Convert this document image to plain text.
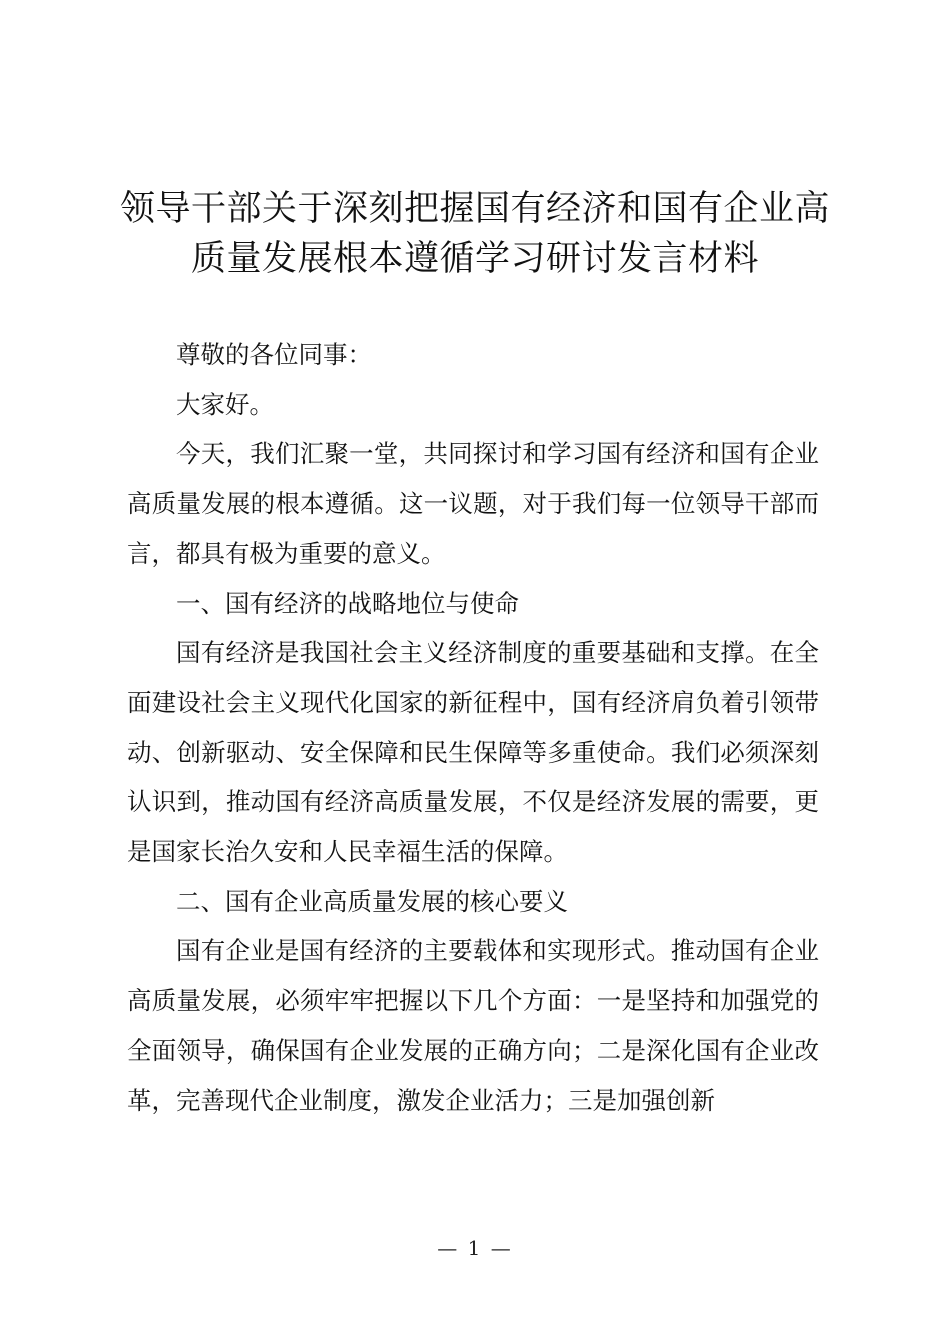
领导干部关于深刻把握国有经济和国有企业高
质量发展根本遵循学习研讨发言材料

尊敬的各位同事：

大家好。

今天，我们汇聚一堂，共同探讨和学习国有经济和国有企业高质量发展的根本遵循。这一议题，对于我们每一位领导干部而言，都具有极为重要的意义。

一、国有经济的战略地位与使命

国有经济是我国社会主义经济制度的重要基础和支撑。在全面建设社会主义现代化国家的新征程中，国有经济肩负着引领带动、创新驱动、安全保障和民生保障等多重使命。我们必须深刻认识到，推动国有经济高质量发展，不仅是经济发展的需要，更是国家长治久安和人民幸福生活的保障。

二、国有企业高质量发展的核心要义

国有企业是国有经济的主要载体和实现形式。推动国有企业高质量发展，必须牢牢把握以下几个方面：一是坚持和加强党的全面领导，确保国有企业发展的正确方向；二是深化国有企业改革，完善现代企业制度，激发企业活力；三是加强创新

— 1 —
